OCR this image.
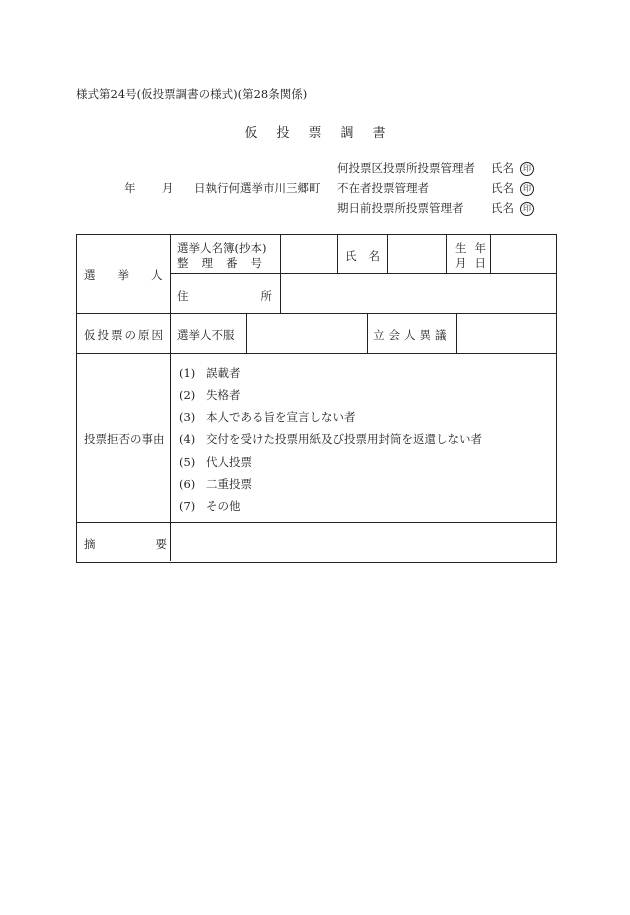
様式第24号(仮投票調書の様式)(第28条関係)
仮投票調書
年 月 日執行何選挙市川三郷町
何投票区投票所投票管理者
不在者投票管理者
期日前投票所投票管理者
氏名 印
氏名 印
氏名 印
選挙人
選挙人名簿(抄本)
整理番号	氏名
生年
月日
住所
仮投票の原因 選挙人不服	立会人異議
投票拒否の事由
(1) 誤載者
(2) 失格者
(3) 本人である旨を宣言しない者
(4) 交付を受けた投票用紙及び投票用封筒を返還しない者
(5) 代人投票
(6) 二重投票
(7) その他
摘要
